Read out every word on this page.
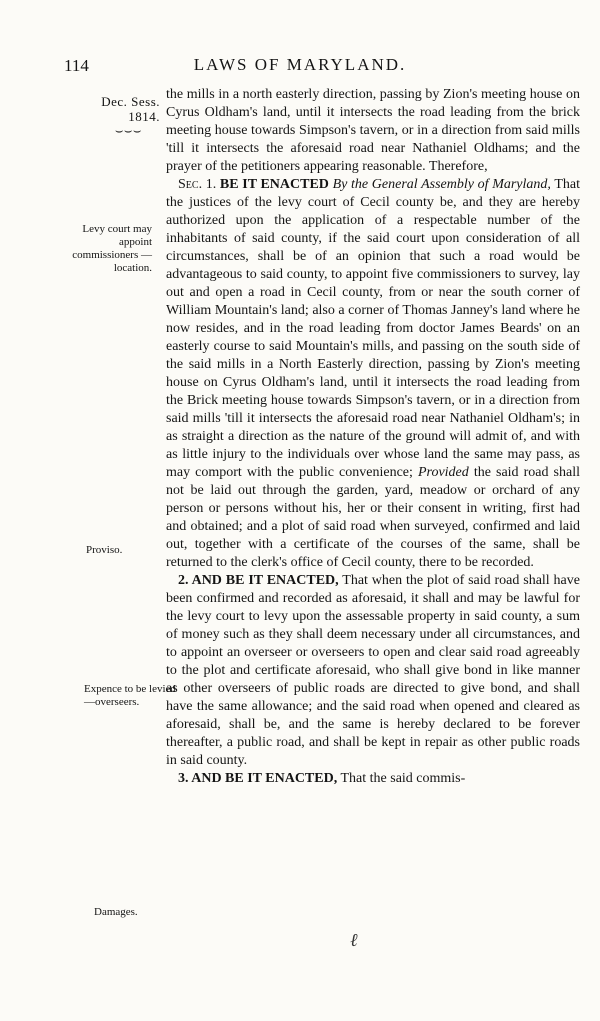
114	LAWS OF MARYLAND.
Dec. Sess.
1814.
⌣⌣⌣
Levy court may appoint commissioners —location.
Proviso.
Expence to be levied—overseers.
Damages.

the mills in a north easterly direction, passing by Zion's meeting house on Cyrus Oldham's land, until it intersects the road leading from the brick meeting house towards Simpson's tavern, or in a direction from said mills 'till it intersects the aforesaid road near Nathaniel Oldhams; and the prayer of the petitioners appearing reasonable. Therefore,

Sec. 1. BE IT ENACTED By the General Assembly of Maryland, That the justices of the levy court of Cecil county be, and they are hereby authorized upon the application of a respectable number of the inhabitants of said county, if the said court upon consideration of all circumstances, shall be of an opinion that such a road would be advantageous to said county, to appoint five commissioners to survey, lay out and open a road in Cecil county, from or near the south corner of William Mountain's land; also a corner of Thomas Janney's land where he now resides, and in the road leading from doctor James Beards' on an easterly course to said Mountain's mills, and passing on the south side of the said mills in a North Easterly direction, passing by Zion's meeting house on Cyrus Oldham's land, until it intersects the road leading from the Brick meeting house towards Simpson's tavern, or in a direction from said mills 'till it intersects the aforesaid road near Nathaniel Oldham's; in as straight a direction as the nature of the ground will admit of, and with as little injury to the individuals over whose land the same may pass, as may comport with the public convenience; Provided the said road shall not be laid out through the garden, yard, meadow or orchard of any person or persons without his, her or their consent in writing, first had and obtained; and a plot of said road when surveyed, confirmed and laid out, together with a certificate of the courses of the same, shall be returned to the clerk's office of Cecil county, there to be recorded.

2. AND BE IT ENACTED, That when the plot of said road shall have been confirmed and recorded as aforesaid, it shall and may be lawful for the levy court to levy upon the assessable property in said county, a sum of money such as they shall deem necessary under all circumstances, and to appoint an overseer or overseers to open and clear said road agreeably to the plot and certificate aforesaid, who shall give bond in like manner as other overseers of public roads are directed to give bond, and shall have the same allowance; and the said road when opened and cleared as aforesaid, shall be, and the same is hereby declared to be forever thereafter, a public road, and shall be kept in repair as other public roads in said county.

3. AND BE IT ENACTED, That the said commis-

ℓ
